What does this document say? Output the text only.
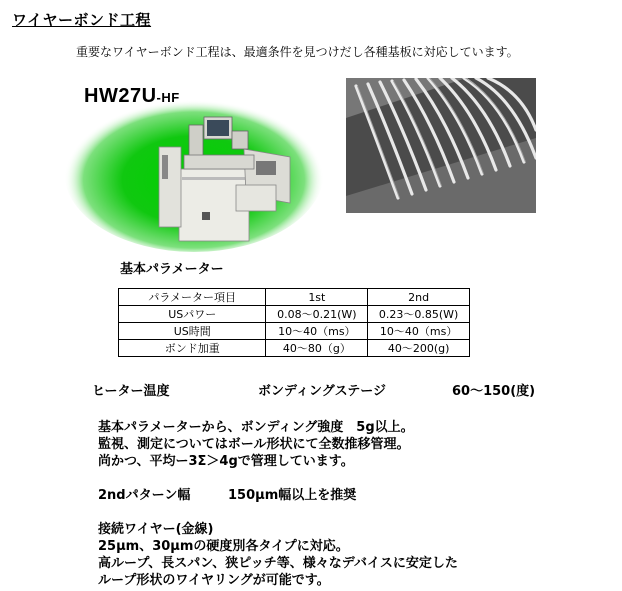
ワイヤーボンド工程
重要なワイヤーボンド工程は、最適条件を見つけだし各種基板に対応しています。
HW27U-HF
基本パラメーター
パラメーター項目	1st	2nd
USパワー	0.08〜0.21(W)	0.23〜0.85(W)
US時間	10〜40（ms）	10〜40（ms）
ボンド加重	40〜80（g）	40〜200(g)
ヒーター温度	ボンディングステージ	60〜150(度)
基本パラメーターから、ボンディング強度　5g以上。
監視、測定についてはボール形状にて全数推移管理。
尚かつ、平均ー3Σ＞4gで管理しています。
2ndパターン幅	150μm幅以上を推奨
接続ワイヤー(金線)
25μm、30μmの硬度別各タイプに対応。
高ループ、長スパン、狭ピッチ等、様々なデバイスに安定した
ループ形状のワイヤリングが可能です。
